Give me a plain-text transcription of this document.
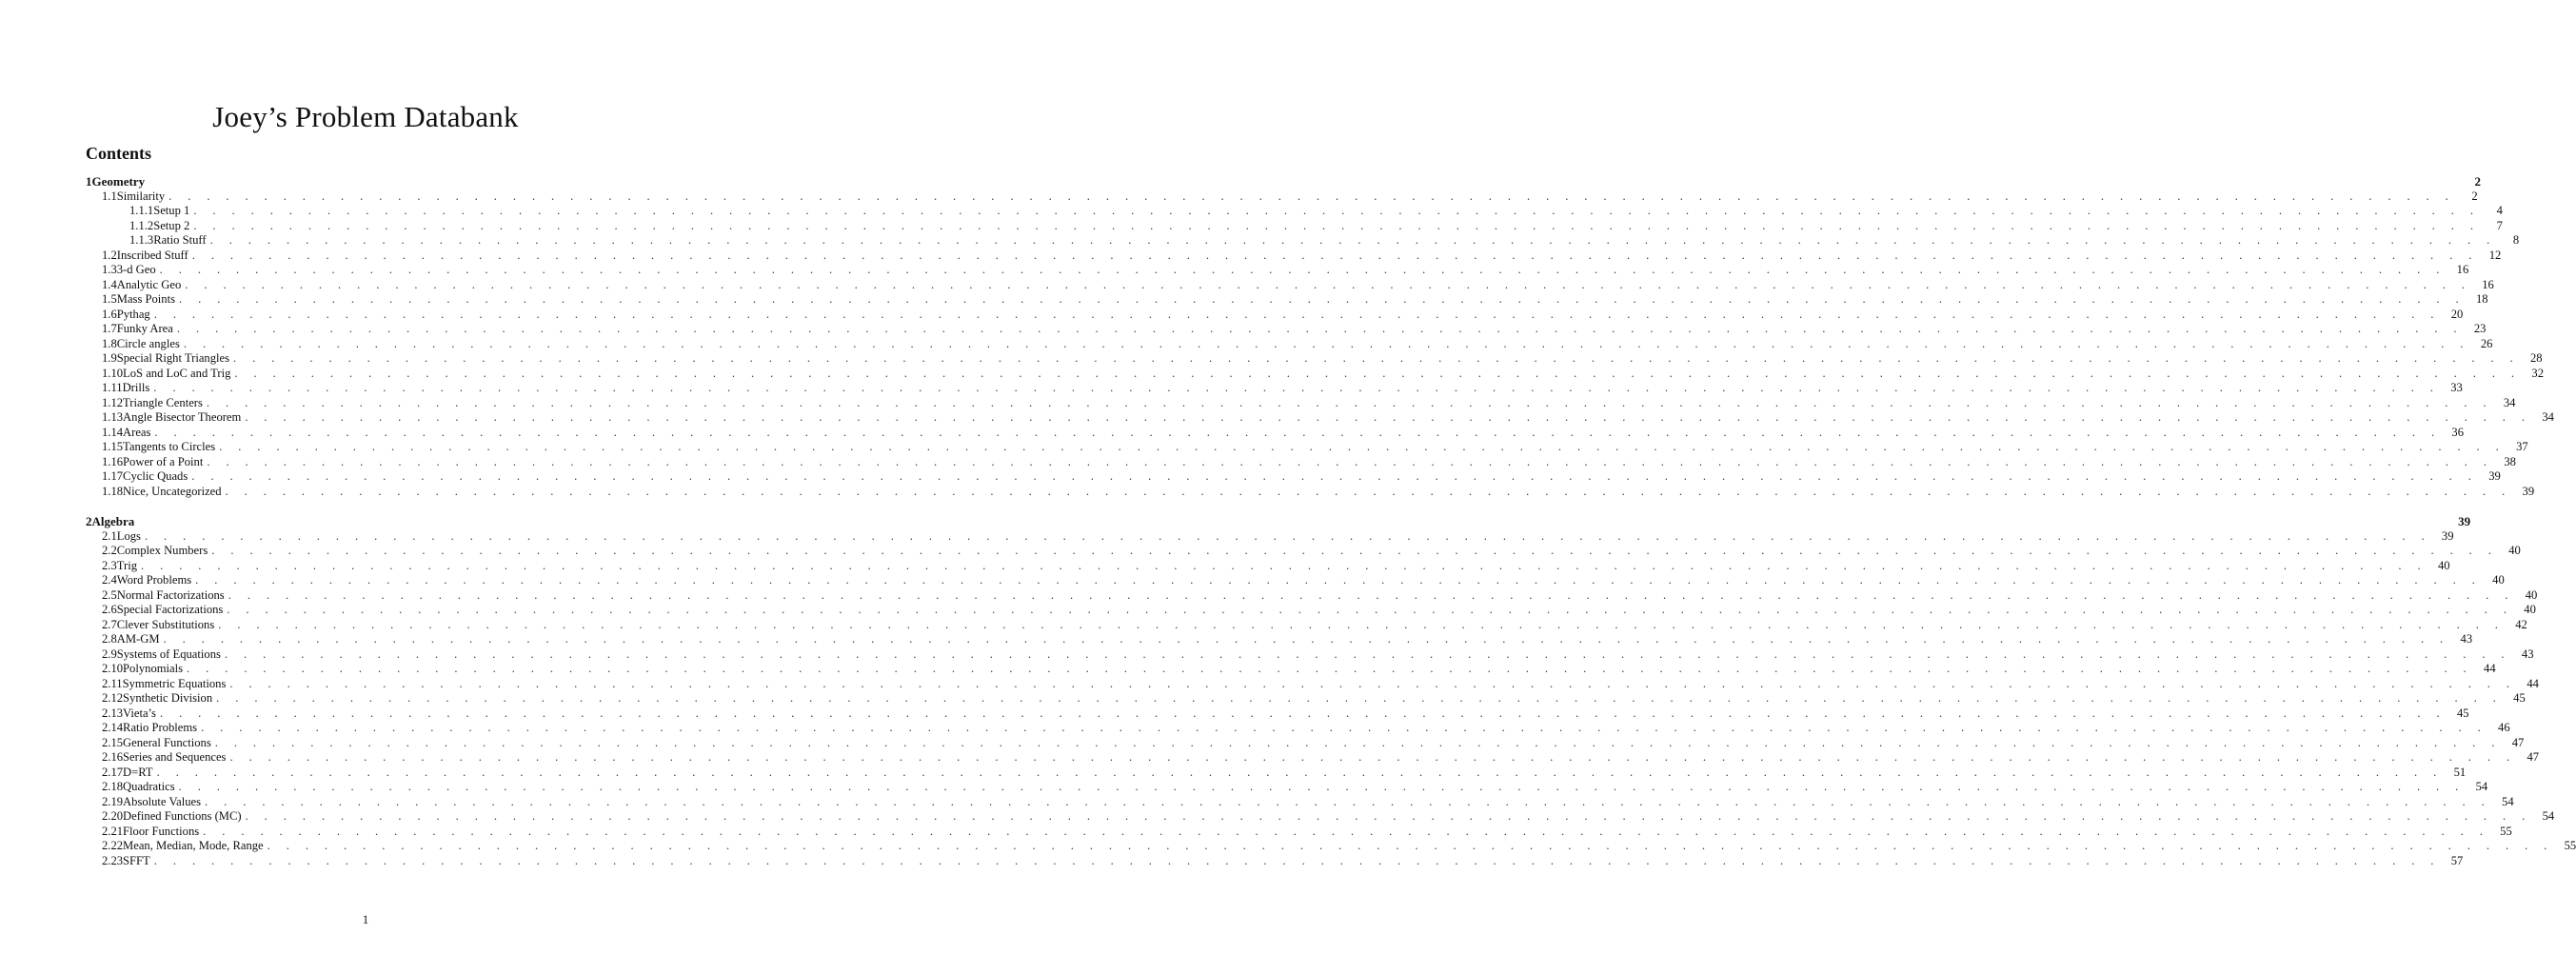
Joey’s Problem Databank
Contents
1 Geometry	2
1.1 Similarity . . . . . . . . . . . . . . . . . . . . . . . . . . . . . . . . . . . . . . . . . . . . . . . . . . . . . . . . . . . . . . . . . . . . . . . . . . . . . . . . . . . . . . . . . . . . . . . . . . . . . . . . . . . . . . . . . . . . . . . .	2
1.1.1 Setup 1 . . . . . . . . . . . . . . . . . . . . . . . . . . . . . . . . . . . . . . . . . . . . . . . . . . . . . . . . . . . . . . . . . . . . . . . . . . . . . . . . . . . . . . . . . . . . . . . . . . . . . . . . . . . . . . . . . . . . . . . .	4
1.1.2 Setup 2 . . . . . . . . . . . . . . . . . . . . . . . . . . . . . . . . . . . . . . . . . . . . . . . . . . . . . . . . . . . . . . . . . . . . . . . . . . . . . . . . . . . . . . . . . . . . . . . . . . . . . . . . . . . . . . . . . . . . . . . .	7
1.1.3 Ratio Stuff . . . . . . . . . . . . . . . . . . . . . . . . . . . . . . . . . . . . . . . . . . . . . . . . . . . . . . . . . . . . . . . . . . . . . . . . . . . . . . . . . . . . . . . . . . . . . . . . . . . . . . . . . . . . . . . . . . . . . . . .	8
1.2 Inscribed Stuff . . . . . . . . . . . . . . . . . . . . . . . . . . . . . . . . . . . . . . . . . . . . . . . . . . . . . . . . . . . . . . . . . . . . . . . . . . . . . . . . . . . . . . . . . . . . . . . . . . . . . . . . . . . . . . . . . . . . . . . . 12
1.3 3-d Geo . . . . . . . . . . . . . . . . . . . . . . . . . . . . . . . . . . . . . . . . . . . . . . . . . . . . . . . . . . . . . . . . . . . . . . . . . . . . . . . . . . . . . . . . . . . . . . . . . . . . . . . . . . . . . . . . . . . . . . . . 16
1.4 Analytic Geo . . . . . . . . . . . . . . . . . . . . . . . . . . . . . . . . . . . . . . . . . . . . . . . . . . . . . . . . . . . . . . . . . . . . . . . . . . . . . . . . . . . . . . . . . . . . . . . . . . . . . . . . . . . . . . . . . . . . . . . . 16
1.5 Mass Points . . . . . . . . . . . . . . . . . . . . . . . . . . . . . . . . . . . . . . . . . . . . . . . . . . . . . . . . . . . . . . . . . . . . . . . . . . . . . . . . . . . . . . . . . . . . . . . . . . . . . . . . . . . . . . . . . . . . . . . . 18
1.6 Pythag . . . . . . . . . . . . . . . . . . . . . . . . . . . . . . . . . . . . . . . . . . . . . . . . . . . . . . . . . . . . . . . . . . . . . . . . . . . . . . . . . . . . . . . . . . . . . . . . . . . . . . . . . . . . . . . . . . . . . . . . 20
1.7 Funky Area . . . . . . . . . . . . . . . . . . . . . . . . . . . . . . . . . . . . . . . . . . . . . . . . . . . . . . . . . . . . . . . . . . . . . . . . . . . . . . . . . . . . . . . . . . . . . . . . . . . . . . . . . . . . . . . . . . . . . . . . 23
1.8 Circle angles . . . . . . . . . . . . . . . . . . . . . . . . . . . . . . . . . . . . . . . . . . . . . . . . . . . . . . . . . . . . . . . . . . . . . . . . . . . . . . . . . . . . . . . . . . . . . . . . . . . . . . . . . . . . . . . . . . . . . . . . 26
1.9 Special Right Triangles . . . . . . . . . . . . . . . . . . . . . . . . . . . . . . . . . . . . . . . . . . . . . . . . . . . . . . . . . . . . . . . . . . . . . . . . . . . . . . . . . . . . . . . . . . . . . . . . . . . . . . . . . . . . . . . . . . . . . . . . 28
1.10 LoS and LoC and Trig . . . . . . . . . . . . . . . . . . . . . . . . . . . . . . . . . . . . . . . . . . . . . . . . . . . . . . . . . . . . . . . . . . . . . . . . . . . . . . . . . . . . . . . . . . . . . . . . . . . . . . . . . . . . . . . . . . . . . . . . 32
1.11 Drills . . . . . . . . . . . . . . . . . . . . . . . . . . . . . . . . . . . . . . . . . . . . . . . . . . . . . . . . . . . . . . . . . . . . . . . . . . . . . . . . . . . . . . . . . . . . . . . . . . . . . . . . . . . . . . . . . . . . . . . . 33
1.12 Triangle Centers . . . . . . . . . . . . . . . . . . . . . . . . . . . . . . . . . . . . . . . . . . . . . . . . . . . . . . . . . . . . . . . . . . . . . . . . . . . . . . . . . . . . . . . . . . . . . . . . . . . . . . . . . . . . . . . . . . . . . . . . 34
1.13 Angle Bisector Theorem . . . . . . . . . . . . . . . . . . . . . . . . . . . . . . . . . . . . . . . . . . . . . . . . . . . . . . . . . . . . . . . . . . . . . . . . . . . . . . . . . . . . . . . . . . . . . . . . . . . . . . . . . . . . . . . . . . . . . . . . 34
1.14 Areas . . . . . . . . . . . . . . . . . . . . . . . . . . . . . . . . . . . . . . . . . . . . . . . . . . . . . . . . . . . . . . . . . . . . . . . . . . . . . . . . . . . . . . . . . . . . . . . . . . . . . . . . . . . . . . . . . . . . . . . . 36
1.15 Tangents to Circles . . . . . . . . . . . . . . . . . . . . . . . . . . . . . . . . . . . . . . . . . . . . . . . . . . . . . . . . . . . . . . . . . . . . . . . . . . . . . . . . . . . . . . . . . . . . . . . . . . . . . . . . . . . . . . . . . . . . . . . . 37
1.16 Power of a Point . . . . . . . . . . . . . . . . . . . . . . . . . . . . . . . . . . . . . . . . . . . . . . . . . . . . . . . . . . . . . . . . . . . . . . . . . . . . . . . . . . . . . . . . . . . . . . . . . . . . . . . . . . . . . . . . . . . . . . . . 38
1.17 Cyclic Quads . . . . . . . . . . . . . . . . . . . . . . . . . . . . . . . . . . . . . . . . . . . . . . . . . . . . . . . . . . . . . . . . . . . . . . . . . . . . . . . . . . . . . . . . . . . . . . . . . . . . . . . . . . . . . . . . . . . . . . . . 39
1.18 Nice, Uncategorized . . . . . . . . . . . . . . . . . . . . . . . . . . . . . . . . . . . . . . . . . . . . . . . . . . . . . . . . . . . . . . . . . . . . . . . . . . . . . . . . . . . . . . . . . . . . . . . . . . . . . . . . . . . . . . . . . . . . . . . . 39
2 Algebra	39
2.1 Logs . . . . . . . . . . . . . . . . . . . . . . . . . . . . . . . . . . . . . . . . . . . . . . . . . . . . . . . . . . . . . . . . . . . . . . . . . . . . . . . . . . . . . . . . . . . . . . . . . . . . . . . . . . . . . . . . . . . . . . . . 39
2.2 Complex Numbers . . . . . . . . . . . . . . . . . . . . . . . . . . . . . . . . . . . . . . . . . . . . . . . . . . . . . . . . . . . . . . . . . . . . . . . . . . . . . . . . . . . . . . . . . . . . . . . . . . . . . . . . . . . . . . . . . . . . . . . . 40
2.3 Trig . . . . . . . . . . . . . . . . . . . . . . . . . . . . . . . . . . . . . . . . . . . . . . . . . . . . . . . . . . . . . . . . . . . . . . . . . . . . . . . . . . . . . . . . . . . . . . . . . . . . . . . . . . . . . . . . . . . . . . . . 40
2.4 Word Problems . . . . . . . . . . . . . . . . . . . . . . . . . . . . . . . . . . . . . . . . . . . . . . . . . . . . . . . . . . . . . . . . . . . . . . . . . . . . . . . . . . . . . . . . . . . . . . . . . . . . . . . . . . . . . . . . . . . . . . . . 40
2.5 Normal Factorizations . . . . . . . . . . . . . . . . . . . . . . . . . . . . . . . . . . . . . . . . . . . . . . . . . . . . . . . . . . . . . . . . . . . . . . . . . . . . . . . . . . . . . . . . . . . . . . . . . . . . . . . . . . . . . . . . . . . . . . . . 40
2.6 Special Factorizations . . . . . . . . . . . . . . . . . . . . . . . . . . . . . . . . . . . . . . . . . . . . . . . . . . . . . . . . . . . . . . . . . . . . . . . . . . . . . . . . . . . . . . . . . . . . . . . . . . . . . . . . . . . . . . . . . . . . . . . . 40
2.7 Clever Substitutions . . . . . . . . . . . . . . . . . . . . . . . . . . . . . . . . . . . . . . . . . . . . . . . . . . . . . . . . . . . . . . . . . . . . . . . . . . . . . . . . . . . . . . . . . . . . . . . . . . . . . . . . . . . . . . . . . . . . . . . . 42
2.8 AM-GM . . . . . . . . . . . . . . . . . . . . . . . . . . . . . . . . . . . . . . . . . . . . . . . . . . . . . . . . . . . . . . . . . . . . . . . . . . . . . . . . . . . . . . . . . . . . . . . . . . . . . . . . . . . . . . . . . . . . . . . . 43
2.9 Systems of Equations . . . . . . . . . . . . . . . . . . . . . . . . . . . . . . . . . . . . . . . . . . . . . . . . . . . . . . . . . . . . . . . . . . . . . . . . . . . . . . . . . . . . . . . . . . . . . . . . . . . . . . . . . . . . . . . . . . . . . . . . 43
2.10 Polynomials . . . . . . . . . . . . . . . . . . . . . . . . . . . . . . . . . . . . . . . . . . . . . . . . . . . . . . . . . . . . . . . . . . . . . . . . . . . . . . . . . . . . . . . . . . . . . . . . . . . . . . . . . . . . . . . . . . . . . . . . 44
2.11 Symmetric Equations . . . . . . . . . . . . . . . . . . . . . . . . . . . . . . . . . . . . . . . . . . . . . . . . . . . . . . . . . . . . . . . . . . . . . . . . . . . . . . . . . . . . . . . . . . . . . . . . . . . . . . . . . . . . . . . . . . . . . . . . 44
2.12 Synthetic Division . . . . . . . . . . . . . . . . . . . . . . . . . . . . . . . . . . . . . . . . . . . . . . . . . . . . . . . . . . . . . . . . . . . . . . . . . . . . . . . . . . . . . . . . . . . . . . . . . . . . . . . . . . . . . . . . . . . . . . . . 45
2.13 Vieta’s . . . . . . . . . . . . . . . . . . . . . . . . . . . . . . . . . . . . . . . . . . . . . . . . . . . . . . . . . . . . . . . . . . . . . . . . . . . . . . . . . . . . . . . . . . . . . . . . . . . . . . . . . . . . . . . . . . . . . . . . 45
2.14 Ratio Problems . . . . . . . . . . . . . . . . . . . . . . . . . . . . . . . . . . . . . . . . . . . . . . . . . . . . . . . . . . . . . . . . . . . . . . . . . . . . . . . . . . . . . . . . . . . . . . . . . . . . . . . . . . . . . . . . . . . . . . . . 46
2.15 General Functions . . . . . . . . . . . . . . . . . . . . . . . . . . . . . . . . . . . . . . . . . . . . . . . . . . . . . . . . . . . . . . . . . . . . . . . . . . . . . . . . . . . . . . . . . . . . . . . . . . . . . . . . . . . . . . . . . . . . . . . . 47
2.16 Series and Sequences . . . . . . . . . . . . . . . . . . . . . . . . . . . . . . . . . . . . . . . . . . . . . . . . . . . . . . . . . . . . . . . . . . . . . . . . . . . . . . . . . . . . . . . . . . . . . . . . . . . . . . . . . . . . . . . . . . . . . . . . 47
2.17 D=RT . . . . . . . . . . . . . . . . . . . . . . . . . . . . . . . . . . . . . . . . . . . . . . . . . . . . . . . . . . . . . . . . . . . . . . . . . . . . . . . . . . . . . . . . . . . . . . . . . . . . . . . . . . . . . . . . . . . . . . . . 51
2.18 Quadratics . . . . . . . . . . . . . . . . . . . . . . . . . . . . . . . . . . . . . . . . . . . . . . . . . . . . . . . . . . . . . . . . . . . . . . . . . . . . . . . . . . . . . . . . . . . . . . . . . . . . . . . . . . . . . . . . . . . . . . . . 54
2.19 Absolute Values . . . . . . . . . . . . . . . . . . . . . . . . . . . . . . . . . . . . . . . . . . . . . . . . . . . . . . . . . . . . . . . . . . . . . . . . . . . . . . . . . . . . . . . . . . . . . . . . . . . . . . . . . . . . . . . . . . . . . . . . 54
2.20 Defined Functions (MC) . . . . . . . . . . . . . . . . . . . . . . . . . . . . . . . . . . . . . . . . . . . . . . . . . . . . . . . . . . . . . . . . . . . . . . . . . . . . . . . . . . . . . . . . . . . . . . . . . . . . . . . . . . . . . . . . . . . . . . . . 54
2.21 Floor Functions . . . . . . . . . . . . . . . . . . . . . . . . . . . . . . . . . . . . . . . . . . . . . . . . . . . . . . . . . . . . . . . . . . . . . . . . . . . . . . . . . . . . . . . . . . . . . . . . . . . . . . . . . . . . . . . . . . . . . . . . 55
2.22 Mean, Median, Mode, Range . . . . . . . . . . . . . . . . . . . . . . . . . . . . . . . . . . . . . . . . . . . . . . . . . . . . . . . . . . . . . . . . . . . . . . . . . . . . . . . . . . . . . . . . . . . . . . . . . . . . . . . . . . . . . . . . . . . . . . . . 55
2.23 SFFT . . . . . . . . . . . . . . . . . . . . . . . . . . . . . . . . . . . . . . . . . . . . . . . . . . . . . . . . . . . . . . . . . . . . . . . . . . . . . . . . . . . . . . . . . . . . . . . . . . . . . . . . . . . . . . . . . . . . . . . . 57
1
